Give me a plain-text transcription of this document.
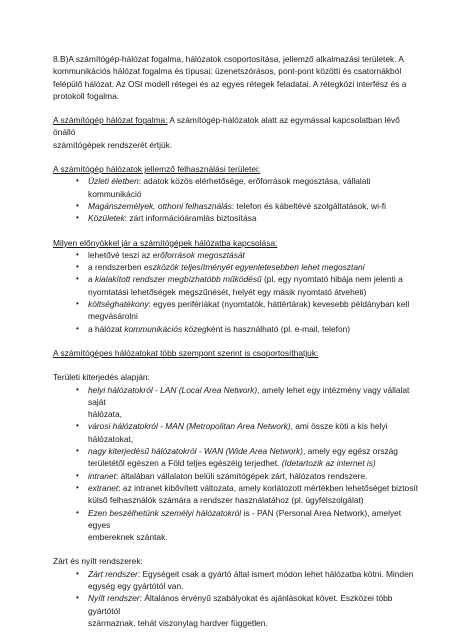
8.B)A számítógép-hálózat fogalma, hálózatok csoportosítása, jellemző alkalmazási területek. A

kommunikációs hálózat fogalma és típusai: üzenetszórásos, pont-pont közötti és csatornákból

felépülő hálózat. Az OSI modell rétegei és az egyes rétegek feladatai. A rétegközi interfész és a

protokoll fogalma.

A számítógép hálózat fogalma: A számítógép-hálózatok alatt az egymással kapcsolatban lévő önálló

számítógépek rendszerét értjük.

A számítógép hálózatok jellemző felhasználási területei:

• Üzleti életben: adatok közös elérhetősége, erőforrások megosztása, vállalati kommunikáció
• Magánszemélyek, otthoni felhasználás: telefon és kábeltévé szolgáltatások, wi-fi
• Közületek: zárt információáramlás biztosítása

Milyen előnyökkel jár a számítógépek hálózatba kapcsolása:

• lehetővé teszi az erőforrások megosztását
• a rendszerben eszközök teljesítményét egyenletesebben lehet megosztani
• a kialakított rendszer megbízhatóbb működésű (pl. egy nyomtató hibája nem jelenti a
nyomtatási lehetőségek megszűnését, helyét egy másik nyomtató átveheti)
• költséghatékony: egyes perifériákat (nyomtatók, háttértárak) kevesebb példányban kell
megvásárolni
• a hálózat kommunikációs közegként is használható (pl. e-mail, telefon)

A számítógépes hálózatokat több szempont szerint is csoportosíthatjuk:

Területi kiterjedés alapján:

• helyi hálózatokról - LAN (Local Area Network), amely lehet egy intézmény vagy vállalat saját
hálózata,
• városi hálózatokról - MAN (Metropolitan Area Network), ami össze köti a kis helyi
hálózatokat,
• nagy kiterjedésű hálózatokról - WAN (Wide Area Network), amely egy egész ország
területétől egészen a Föld teljes egészéig terjedhet. (Idetartozik az internet is)
• intranet: általában vállalaton belüli számítógépek zárt, hálózatos rendszere.
• extranet: az intranet kibővített változata, amely korlátozott mértékben lehetőséget biztosít
külső felhasználók számára a rendszer használatához (pl. ügyfélszolgálat)
• Ezen beszélhetünk személyi hálózatokról is - PAN (Personal Area Network), amelyet egyes
embereknek szántak.

Zárt és nyílt rendszerek:

• Zárt rendszer: Egységeit csak a gyártó által ismert módon lehet hálózatba kötni. Minden
egység egy gyártótól van.
• Nyílt rendszer: Általános érvényű szabályokat és ajánlásokat követ. Eszközei több gyártótól
származnak, tehát viszonylag hardver független.
